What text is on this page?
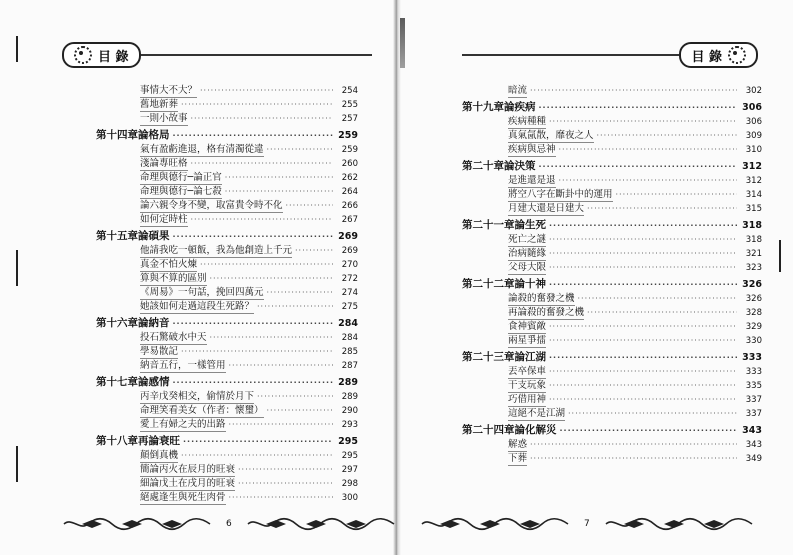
目 錄	目 錄
事情大不大？ ·····	254
舊地新葬 ·····	255
一則小故事 ·····	257
第十四章 論格局 ·····	259
氣有盈虧進退，格有清濁從違 ·····	259
淺論專旺格 ·····	260
命理與德行─論正官 ·····	262
命理與德行─論七殺 ·····	264
論六親令身不變，取富貴令時不化 ·····	266
如何定時柱 ·····	267
第十五章 論碩果 ·····	269
他請我吃一頓飯，我為他創造上千元 ·····	269
真金不怕火煉 ·····	270
算與不算的區別 ·····	272
《周易》一句話，挽回四萬元 ·····	274
她該如何走過這段生死路？ ·····	275
第十六章 論納音 ·····	284
投石驚破水中天 ·····	284
學易散記 ·····	285
納音五行，一樣管用 ·····	287
第十七章 論感情 ·····	289
丙辛戊癸相交，偷情於月下 ·····	289
命理笑看美女（作者：懷璽） ·····	290
愛上有婦之夫的出路 ·····	293
第十八章 再論衰旺 ·····	295
顛倒真機 ·····	295
簡論丙火在辰月的旺衰 ·····	297
細論戊土在戌月的旺衰 ·····	298
絕處逢生與死生肉骨 ·····	300
暗流 ·····	302
第十九章 論疾病 ·····	306
疾病種種 ·····	306
真氣氤散，靡夜之人 ·····	309
疾病與忌神 ·····	310
第二十章 論決策 ·····	312
是進還是退 ·····	312
將空八字在斷卦中的運用 ·····	314
月建大還是日建大 ·····	315
第二十一章 論生死 ·····	318
死亡之謎 ·····	318
治病隨緣 ·····	321
父母大限 ·····	323
第二十二章 論十神 ·····	326
論殺的奮發之機 ·····	326
再論殺的奮發之機 ·····	328
食神賓敵 ·····	329
兩星爭擂 ·····	330
第二十三章 論江湖 ·····	333
丟卒保車 ·····	333
干支玩象 ·····	335
巧借用神 ·····	337
這絕不是江湖 ·····	337
第二十四章 論化解災 ·····	343
解惑 ·····	343
下葬 ·····	349
6	7
